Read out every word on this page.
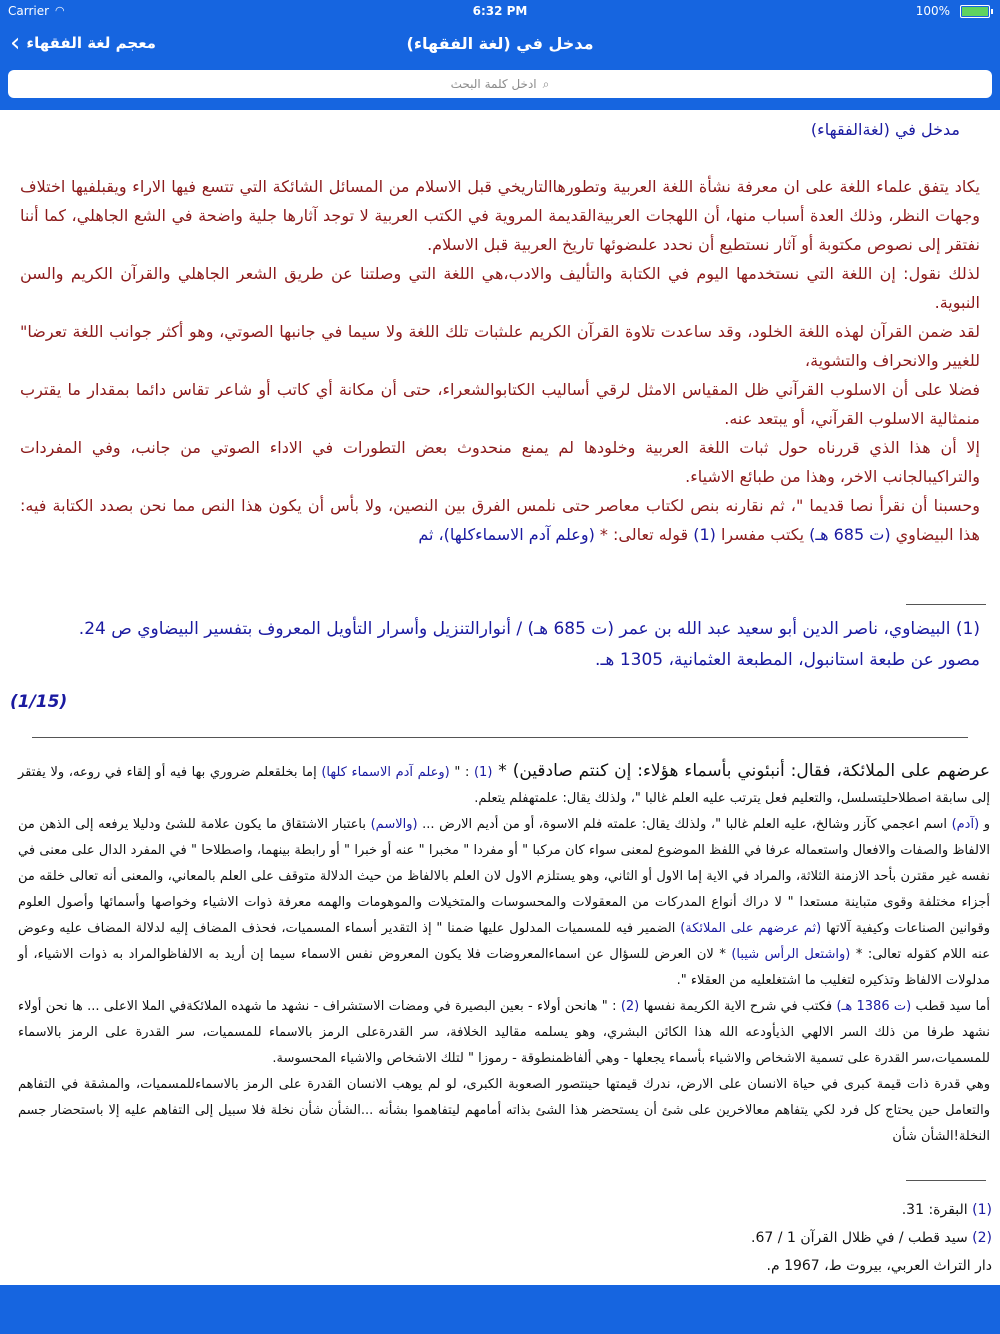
Carrier ◠	6:32 PM	100%
‹ معجم لغة الفقهاء	مدخل في (لغة الفقهاء)
ادخل كلمة البحث ⌕
مدخل في (لغةالفقهاء)

يكاد يتفق علماء اللغة على ان معرفة نشأة اللغة العربية وتطورهاالتاريخي قبل الاسلام من المسائل الشائكة التي تتسع فيها الاراء ويقبلفيها اختلاف وجهات النظر، وذلك العدة أسباب منها، أن اللهجات العربيةالقديمة المروية في الكتب العربية لا توجد آثارها جلية واضحة في الشع الجاهلي، كما أننا نفتقر إلى نصوص مكتوبة أو آثار نستطيع أن نحدد علىضوئها تاريخ العربية قبل الاسلام.

لذلك نقول: إن اللغة التي نستخدمها اليوم في الكتابة والتأليف والادب،هي اللغة التي وصلتنا عن طريق الشعر الجاهلي والقرآن الكريم والسن النبوية.

لقد ضمن القرآن لهذه اللغة الخلود، وقد ساعدت تلاوة القرآن الكريم علىثبات تلك اللغة ولا سيما في جانبها الصوتي، وهو أكثر جوانب اللغة تعرضا" للغيير والانحراف والتشوية،

فضلا على أن الاسلوب القرآني ظل المقياس الامثل لرقي أساليب الكتابوالشعراء، حتى أن مكانة أي كاتب أو شاعر تقاس دائما بمقدار ما يقترب منمثالية الاسلوب القرآني، أو يبتعد عنه.

إلا أن هذا الذي قررناه حول ثبات اللغة العربية وخلودها لم يمنع منحدوث بعض التطورات في الاداء الصوتي من جانب، وفي المفردات والتراكيبالجانب الاخر، وهذا من طبائع الاشياء.

وحسبنا أن نقرأ نصا قديما "، ثم نقارنه بنص لكتاب معاصر حتى نلمس الفرق بين النصين، ولا بأس أن يكون هذا النص مما نحن بصدد الكتابة فيه: هذا البيضاوي (ت 685 هـ) يكتب مفسرا (1) قوله تعالى: * (وعلم آدم الاسماءكلها)، ثم

(1) البيضاوي، ناصر الدين أبو سعيد عبد الله بن عمر (ت 685 هـ) / أنوارالتنزيل وأسرار التأويل المعروف بتفسير البيضاوي ص 24.
مصور عن طبعة استانبول، المطبعة العثمانية، 1305 هـ.
(1/15)

عرضهم على الملائكة، فقال: أنبئوني بأسماء هؤلاء: إن كنتم صادقين) * (1) : " (وعلم آدم الاسماء كلها) إما بخلقعلم ضروري بها فيه أو إلقاء في روعه، ولا يفتقر إلى سابقة اصطلاحليتسلسل، والتعليم فعل يترتب عليه العلم غالبا "، ولذلك يقال: علمتهفلم يتعلم.

و (آدم) اسم اعجمي كآزر وشالخ، عليه العلم غالبا "، ولذلك يقال: علمته فلم الاسوة، أو من أديم الارض ... (والاسم) باعتبار الاشتقاق ما يكون علامة للشئ ودليلا يرفعه إلى الذهن من الالفاظ والصفات والافعال واستعماله عرفا في اللفظ الموضوع لمعنى سواء كان مركبا " أو مفردا " مخبرا " عنه أو خبرا " أو رابطة بينهما، واصطلاحا " في المفرد الدال على معنى في نفسه غير مقترن بأحد الازمنة الثلاثة، والمراد في الاية إما الاول أو الثاني، وهو يستلزم الاول لان العلم بالالفاظ من حيث الدلالة متوقف على العلم بالمعاني، والمعنى أنه تعالى خلقه من أجزاء مختلفة وقوى متباينة مستعدا " لا دراك أنواع المدركات من المعقولات والمحسوسات والمتخيلات والموهومات والهمه معرفة ذوات الاشياء وخواصها وأسمائها وأصول العلوم وقوانين الصناعات وكيفية آلاتها (ثم عرضهم على الملائكة) الضمير فيه للمسميات المدلول عليها ضمنا " إذ التقدير أسماء المسميات، فحذف المضاف إليه لدلالة المضاف عليه وعوض عنه اللام كقوله تعالى: * (واشتعل الرأس شيبا) * لان العرض للسؤال عن اسماءالمعروضات فلا يكون المعروض نفس الاسماء سيما إن أريد به الالفاظوالمراد به ذوات الاشياء، أو مدلولات الالفاظ وتذكيره لتغليب ما اشتغلعليه من العقلاء ".

أما سيد قطب (ت 1386 هـ) فكتب في شرح الاية الكريمة نفسها (2) : " هانحن أولاء - بعين البصيرة في ومضات الاستشراف - نشهد ما شهده الملائكةفي الملا الاعلى ... ها نحن أولاء نشهد طرفا من ذلك السر الالهي الذيأودعه الله هذا الكائن البشري، وهو يسلمه مقاليد الخلافة، سر القدرةعلى الرمز بالاسماء للمسميات، سر القدرة على الرمز بالاسماء للمسميات،سر القدرة على تسمية الاشخاص والاشياء بأسماء يجعلها - وهي ألفاظمنطوقة - رموزا " لتلك الاشخاص والاشياء المحسوسة.

وهي قدرة ذات قيمة كبرى في حياة الانسان على الارض، ندرك قيمتها حينتصور الصعوبة الكبرى، لو لم يوهب الانسان القدرة على الرمز بالاسماءللمسميات، والمشقة في التفاهم والتعامل حين يحتاج كل فرد لكي يتفاهم معالاخرين على شئ أن يستحضر هذا الشئ بذاته أمامهم ليتفاهموا بشأنه ...الشأن شأن نخلة فلا سبيل إلى التفاهم عليه إلا باستحضار جسم النخلة!الشأن شأن

(1) البقرة: 31.

(2) سيد قطب / في ظلال القرآن 1 / 67.

دار التراث العربي، بيروت ط، 1967 م.
